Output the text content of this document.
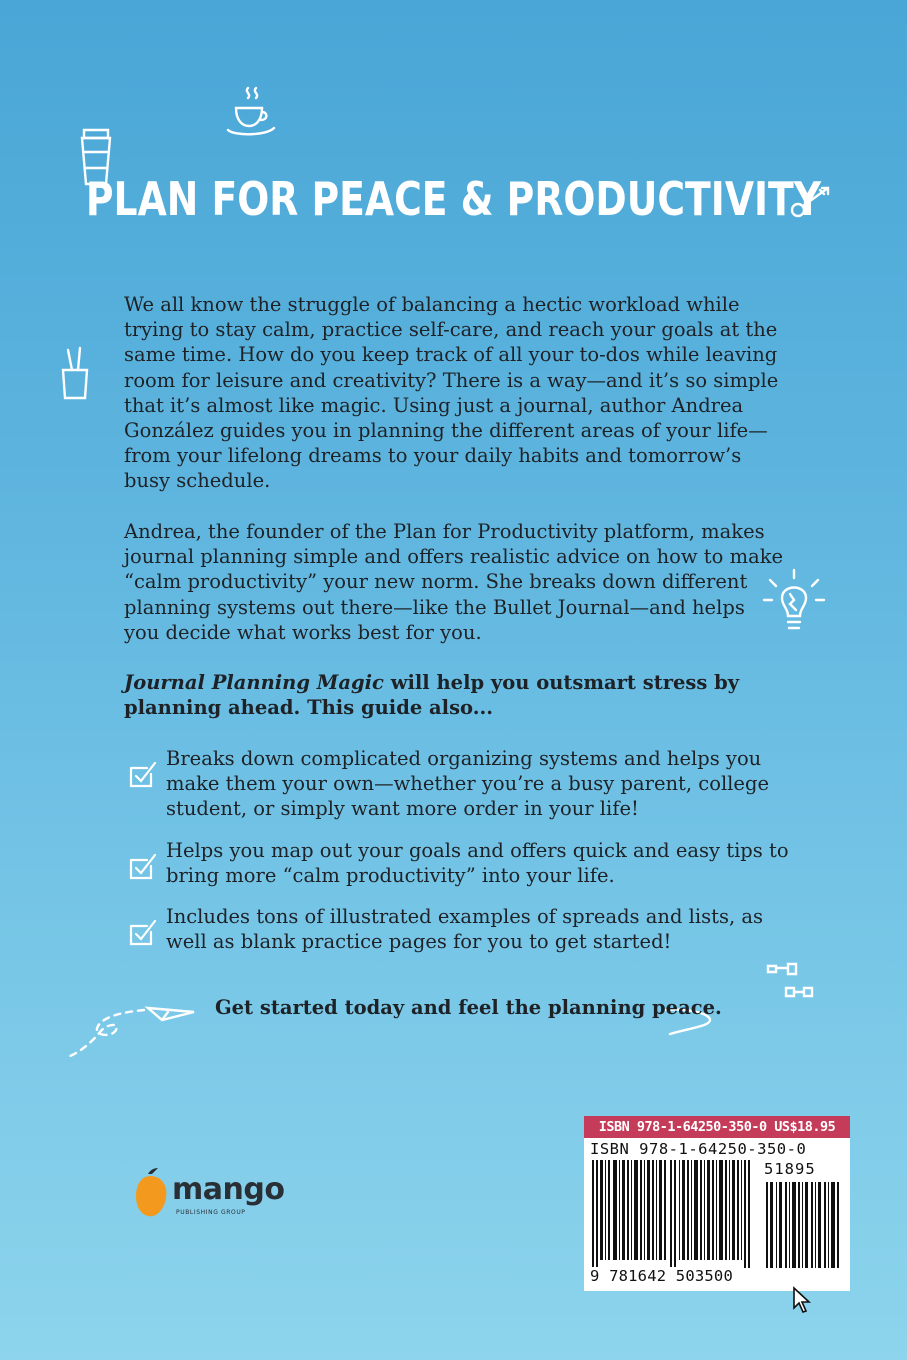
PLAN FOR PEACE & PRODUCTIVITY

We all know the struggle of balancing a hectic workload while trying to stay calm, practice self-care, and reach your goals at the same time. How do you keep track of all your to-dos while leaving room for leisure and creativity? There is a way—and it’s so simple that it’s almost like magic. Using just a journal, author Andrea González guides you in planning the different areas of your life—from your lifelong dreams to your daily habits and tomorrow’s busy schedule.

Andrea, the founder of the Plan for Productivity platform, makes journal planning simple and offers realistic advice on how to make “calm productivity” your new norm. She breaks down different planning systems out there—like the Bullet Journal—and helps you decide what works best for you.

Journal Planning Magic will help you outsmart stress by planning ahead. This guide also...

Breaks down complicated organizing systems and helps you make them your own—whether you’re a busy parent, college student, or simply want more order in your life!

Helps you map out your goals and offers quick and easy tips to bring more “calm productivity” into your life.

Includes tons of illustrated examples of spreads and lists, as well as blank practice pages for you to get started!

Get started today and feel the planning peace.

mango
PUBLISHING GROUP
ISBN 978-1-64250-350-0 US$18.95
ISBN 978-1-64250-350-0
51895
9 781642 503500
